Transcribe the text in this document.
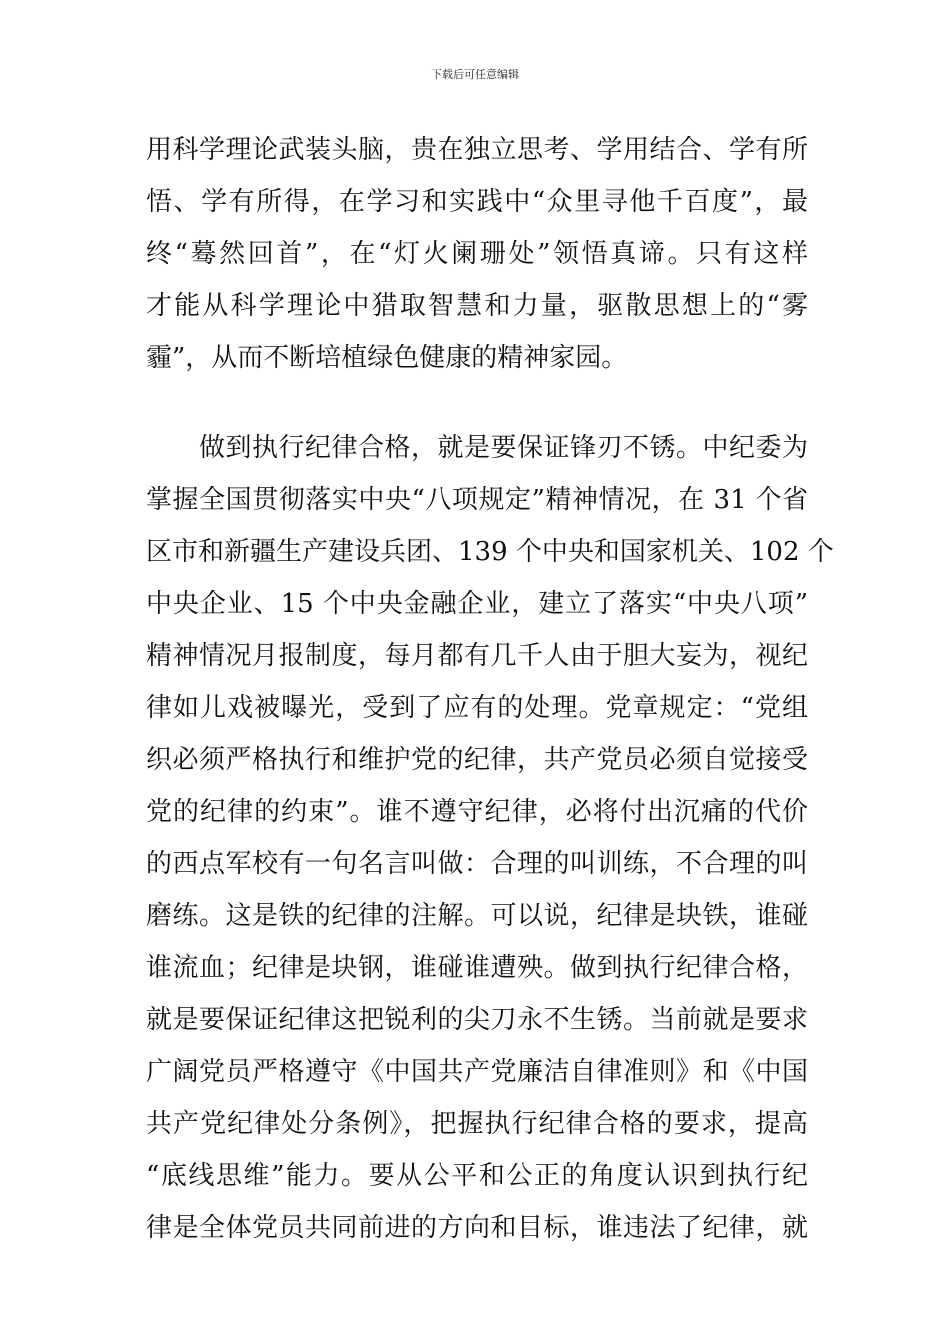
下载后可任意编辑
用科学理论武装头脑，贵在独立思考、学用结合、学有所
悟、学有所得，在学习和实践中“众里寻他千百度”，最
终“蓦然回首”，在“灯火阑珊处”领悟真谛。只有这样
才能从科学理论中猎取智慧和力量，驱散思想上的“雾
霾”，从而不断培植绿色健康的精神家园。
　　做到执行纪律合格，就是要保证锋刃不锈。中纪委为
掌握全国贯彻落实中央“八项规定”精神情况，在 31 个省
区市和新疆生产建设兵团、139 个中央和国家机关、102 个
中央企业、15 个中央金融企业，建立了落实“中央八项”
精神情况月报制度，每月都有几千人由于胆大妄为，视纪
律如儿戏被曝光，受到了应有的处理。党章规定：“党组
织必须严格执行和维护党的纪律，共产党员必须自觉接受
党的纪律的约束”。谁不遵守纪律，必将付出沉痛的代价
的西点军校有一句名言叫做：合理的叫训练，不合理的叫
磨练。这是铁的纪律的注解。可以说，纪律是块铁，谁碰
谁流血；纪律是块钢，谁碰谁遭殃。做到执行纪律合格，
就是要保证纪律这把锐利的尖刀永不生锈。当前就是要求
广阔党员严格遵守《中国共产党廉洁自律准则》和《中国
共产党纪律处分条例》，把握执行纪律合格的要求，提高
“底线思维”能力。要从公平和公正的角度认识到执行纪
律是全体党员共同前进的方向和目标，谁违法了纪律，就
